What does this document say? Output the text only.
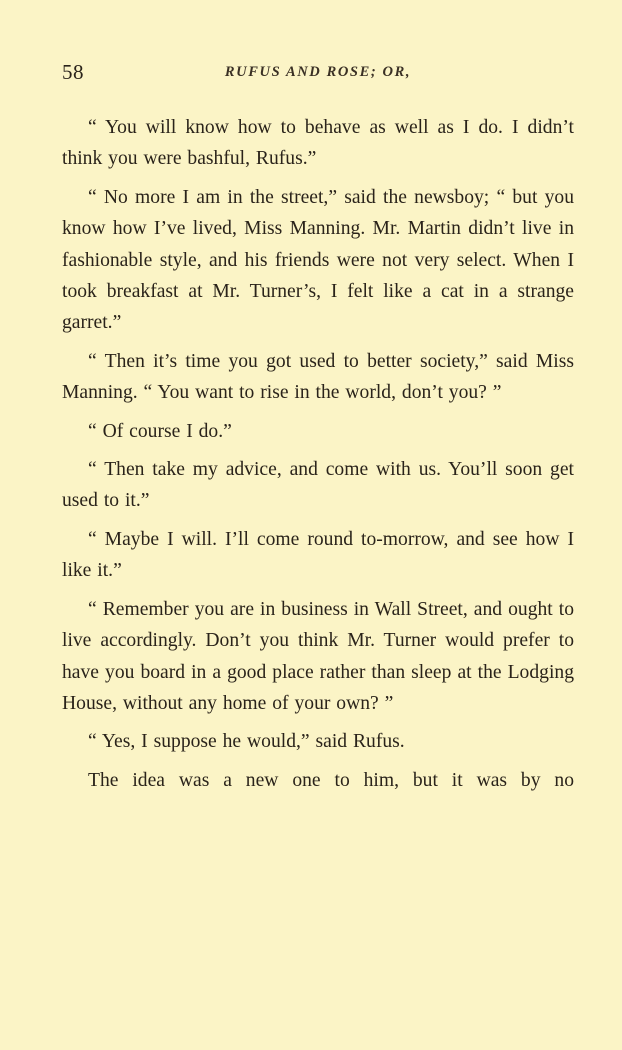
58	RUFUS AND ROSE; OR,

“ You will know how to behave as well as I do. I didn’t think you were bashful, Rufus.”

“ No more I am in the street,” said the newsboy; “ but you know how I’ve lived, Miss Manning. Mr. Martin didn’t live in fashionable style, and his friends were not very select. When I took breakfast at Mr. Turner’s, I felt like a cat in a strange garret.”

“ Then it’s time you got used to better society,” said Miss Manning. “ You want to rise in the world, don’t you? ”

“ Of course I do.”

“ Then take my advice, and come with us. You’ll soon get used to it.”

“ Maybe I will. I’ll come round to-morrow, and see how I like it.”

“ Remember you are in business in Wall Street, and ought to live accordingly. Don’t you think Mr. Turner would prefer to have you board in a good place rather than sleep at the Lodging House, without any home of your own? ”

“ Yes, I suppose he would,” said Rufus.

The idea was a new one to him, but it was by no
